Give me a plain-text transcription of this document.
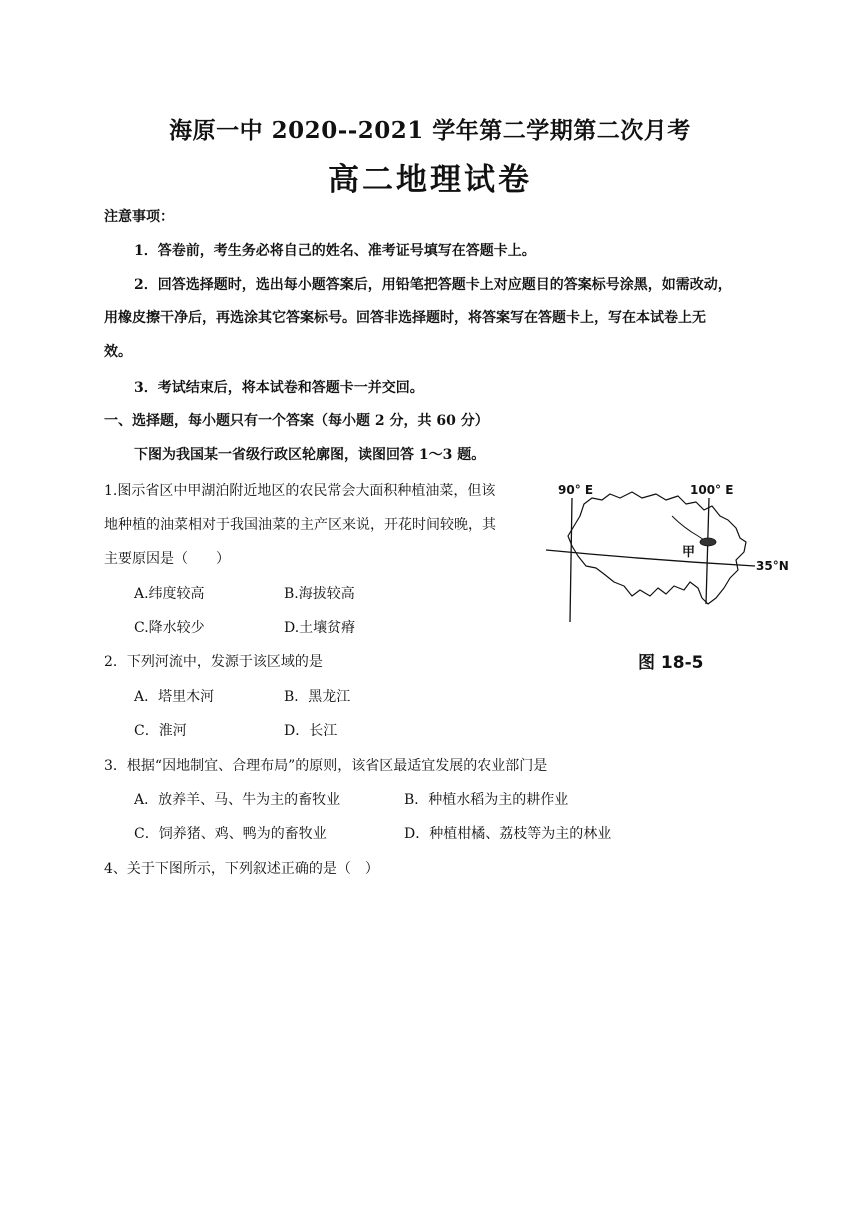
海原一中 2020--2021 学年第二学期第二次月考
高二地理试卷
注意事项：
1．答卷前，考生务必将自己的姓名、准考证号填写在答题卡上。
2．回答选择题时，选出每小题答案后，用铅笔把答题卡上对应题目的答案标号涂黑，如需改动，
用橡皮擦干净后，再选涂其它答案标号。回答非选择题时，将答案写在答题卡上，写在本试卷上无
效。
3．考试结束后，将本试卷和答题卡一并交回。
一、选择题，每小题只有一个答案（每小题 2 分，共 60 分）
下图为我国某一省级行政区轮廓图，读图回答 1～3 题。
1.图示省区中甲湖泊附近地区的农民常会大面积种植油菜，但该
地种植的油菜相对于我国油菜的主产区来说，开花时间较晚，其
主要原因是（　　）
A.纬度较高	B.海拔较高
C.降水较少	D.土壤贫瘠
2．下列河流中，发源于该区域的是
A．塔里木河	B．黑龙江
C．淮河	D．长江
3．根据“因地制宜、合理布局”的原则，该省区最适宜发展的农业部门是
A．放养羊、马、牛为主的畜牧业	B．种植水稻为主的耕作业
C．饲养猪、鸡、鸭为的畜牧业	D．种植柑橘、荔枝等为主的林业
4、关于下图所示，下列叙述正确的是（　）
甲
90° E	100° E
35°N
图 18-5
